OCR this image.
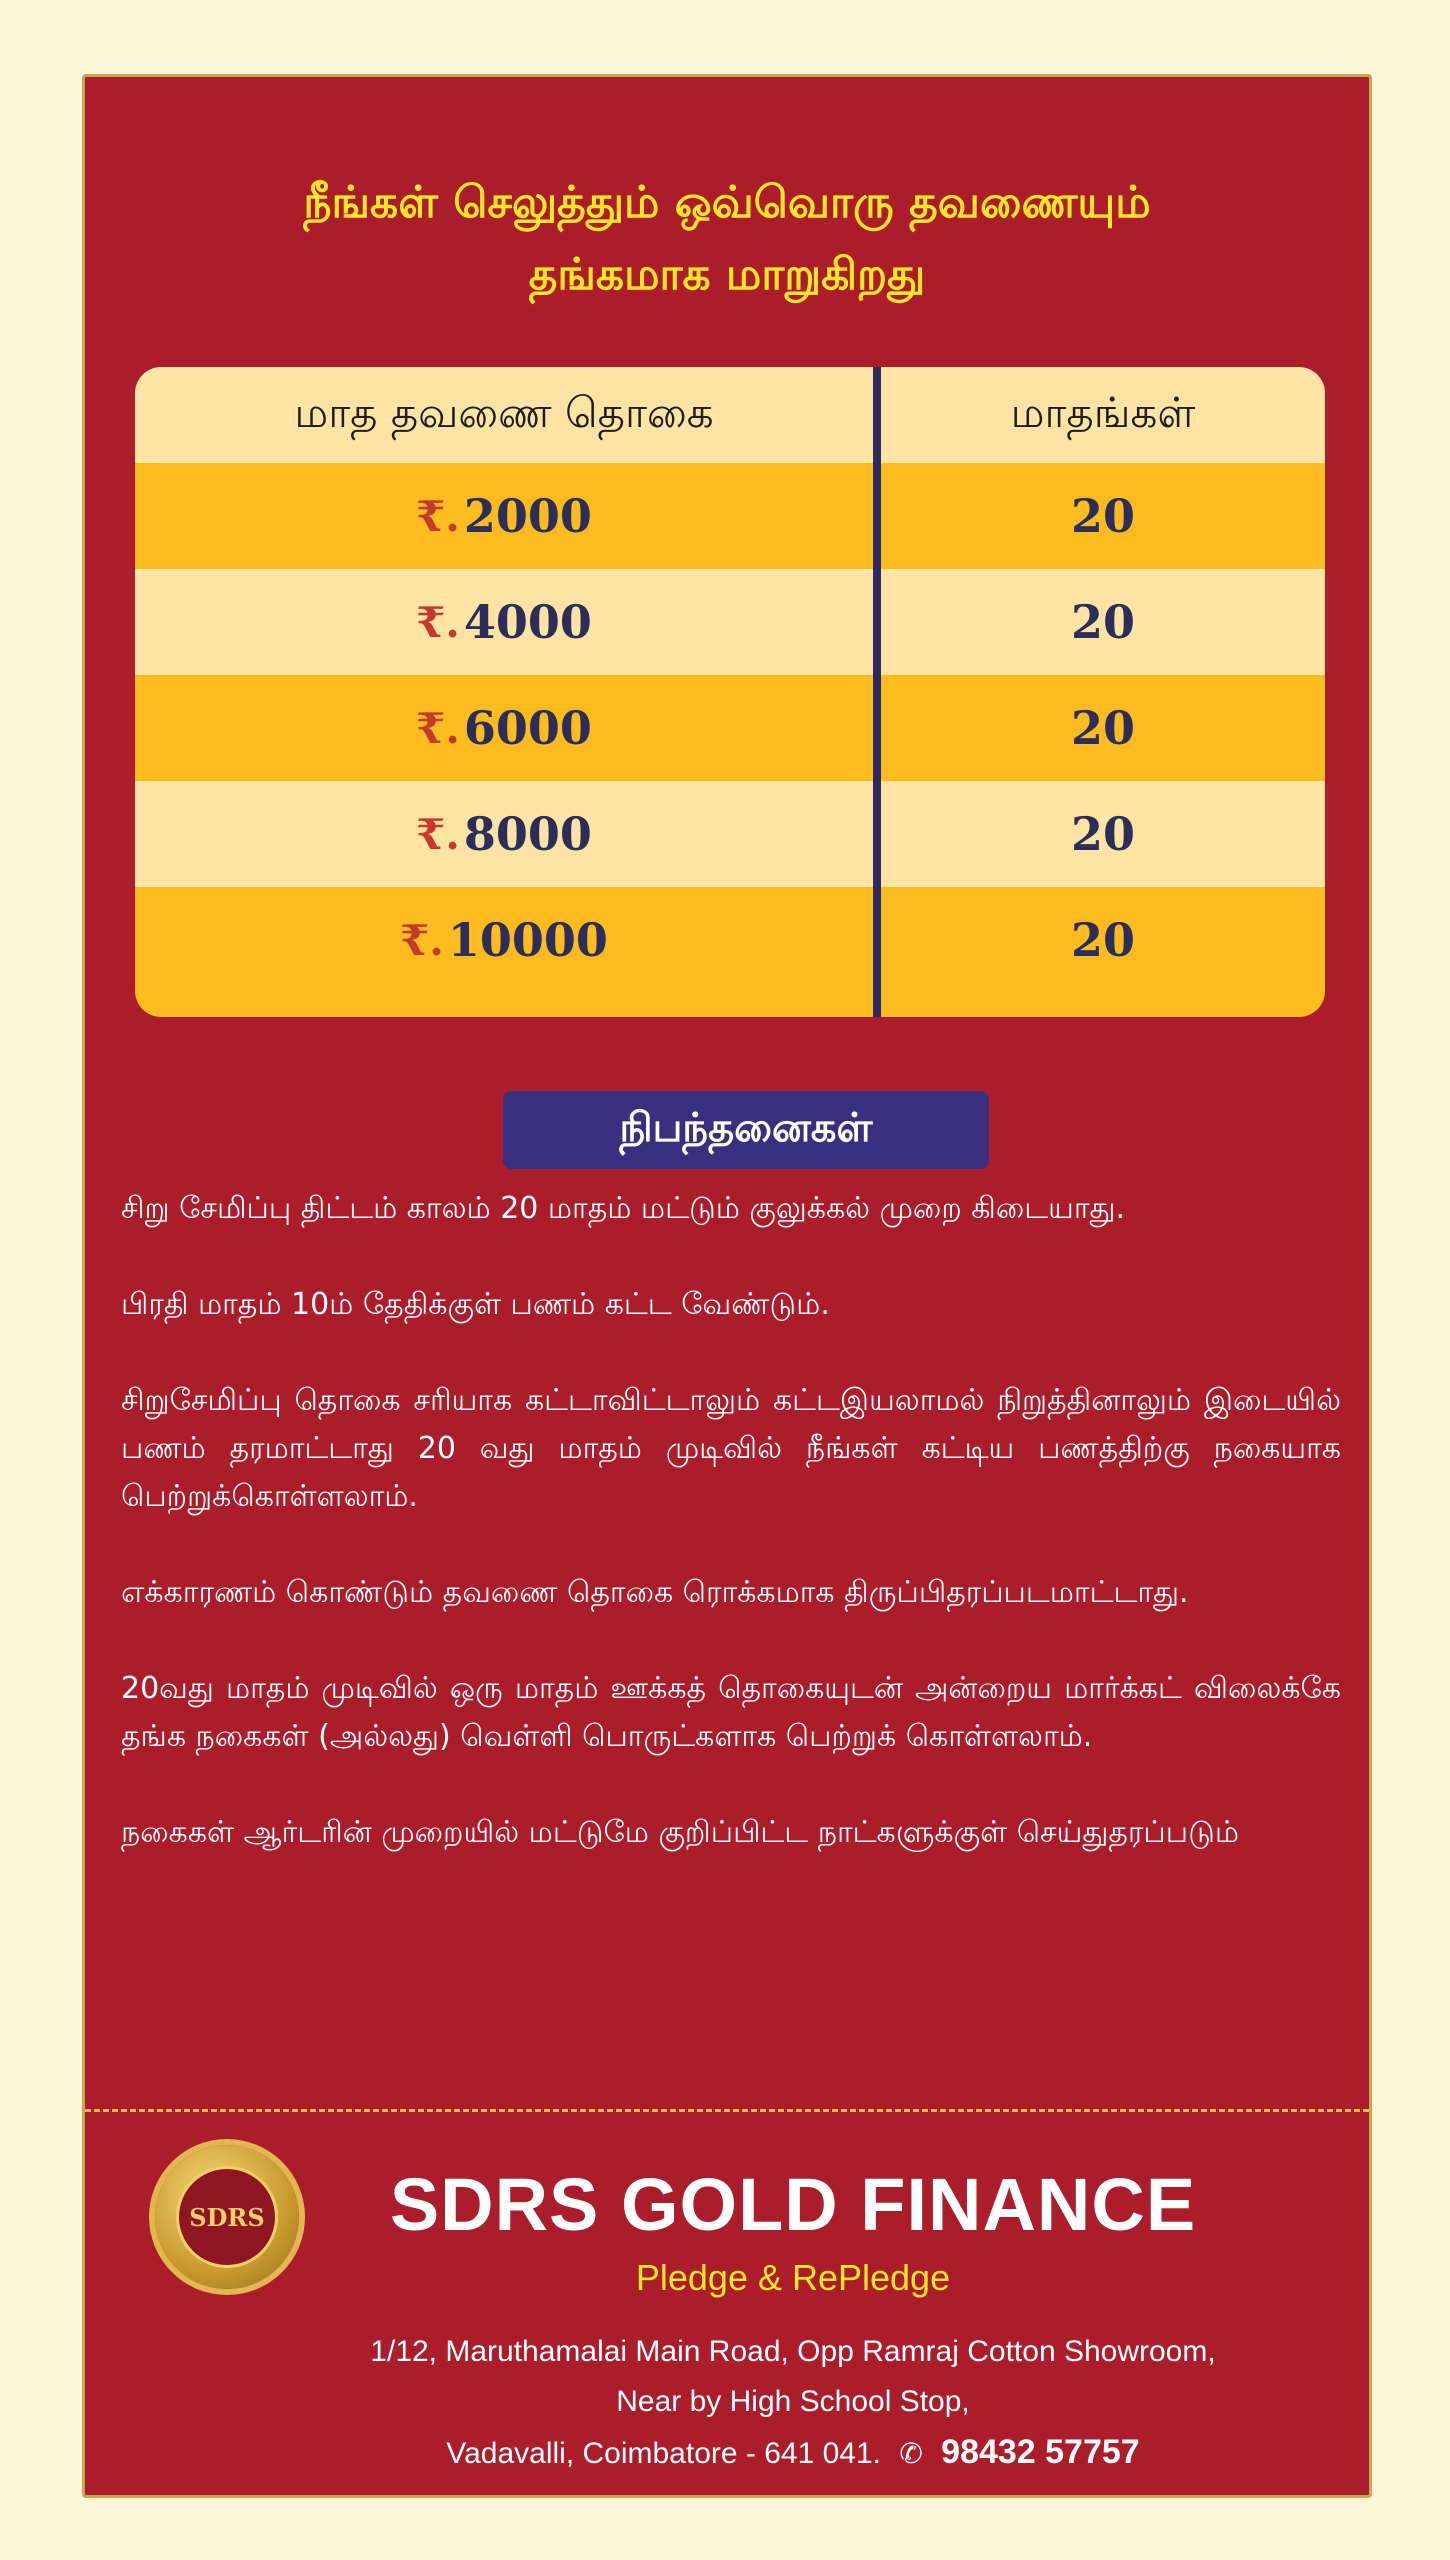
நீங்கள் செலுத்தும் ஒவ்வொரு தவணையும்
தங்கமாக மாறுகிறது
மாத தவணை தொகை	மாதங்கள்
₹. 2000	20
₹. 4000	20
₹. 6000	20
₹. 8000	20
₹. 10000	20
நிபந்தனைகள்

சிறு சேமிப்பு திட்டம் காலம் 20 மாதம் மட்டும் குலுக்கல் முறை கிடையாது.

பிரதி மாதம் 10ம் தேதிக்குள் பணம் கட்ட வேண்டும்.

சிறுசேமிப்பு தொகை சரியாக கட்டாவிட்டாலும் கட்டஇயலாமல் நிறுத்தினாலும் இடையில் பணம் தரமாட்டாது 20 வது மாதம் முடிவில் நீங்கள் கட்டிய பணத்திற்கு நகையாக பெற்றுக்கொள்ளலாம்.

எக்காரணம் கொண்டும் தவணை தொகை ரொக்கமாக திருப்பிதரப்படமாட்டாது.

20வது மாதம் முடிவில் ஒரு மாதம் ஊக்கத் தொகையுடன் அன்றைய மார்க்கட் விலைக்கே தங்க நகைகள் (அல்லது) வெள்ளி பொருட்களாக பெற்றுக் கொள்ளலாம்.

நகைகள் ஆர்டரின் முறையில் மட்டுமே குறிப்பிட்ட நாட்களுக்குள் செய்துதரப்படும்

SDRS	SDRS GOLD FINANCE
Pledge & RePledge
1/12, Maruthamalai Main Road, Opp Ramraj Cotton Showroom,
Near by High School Stop,
Vadavalli, Coimbatore - 641 041. ✆ 98432 57757
